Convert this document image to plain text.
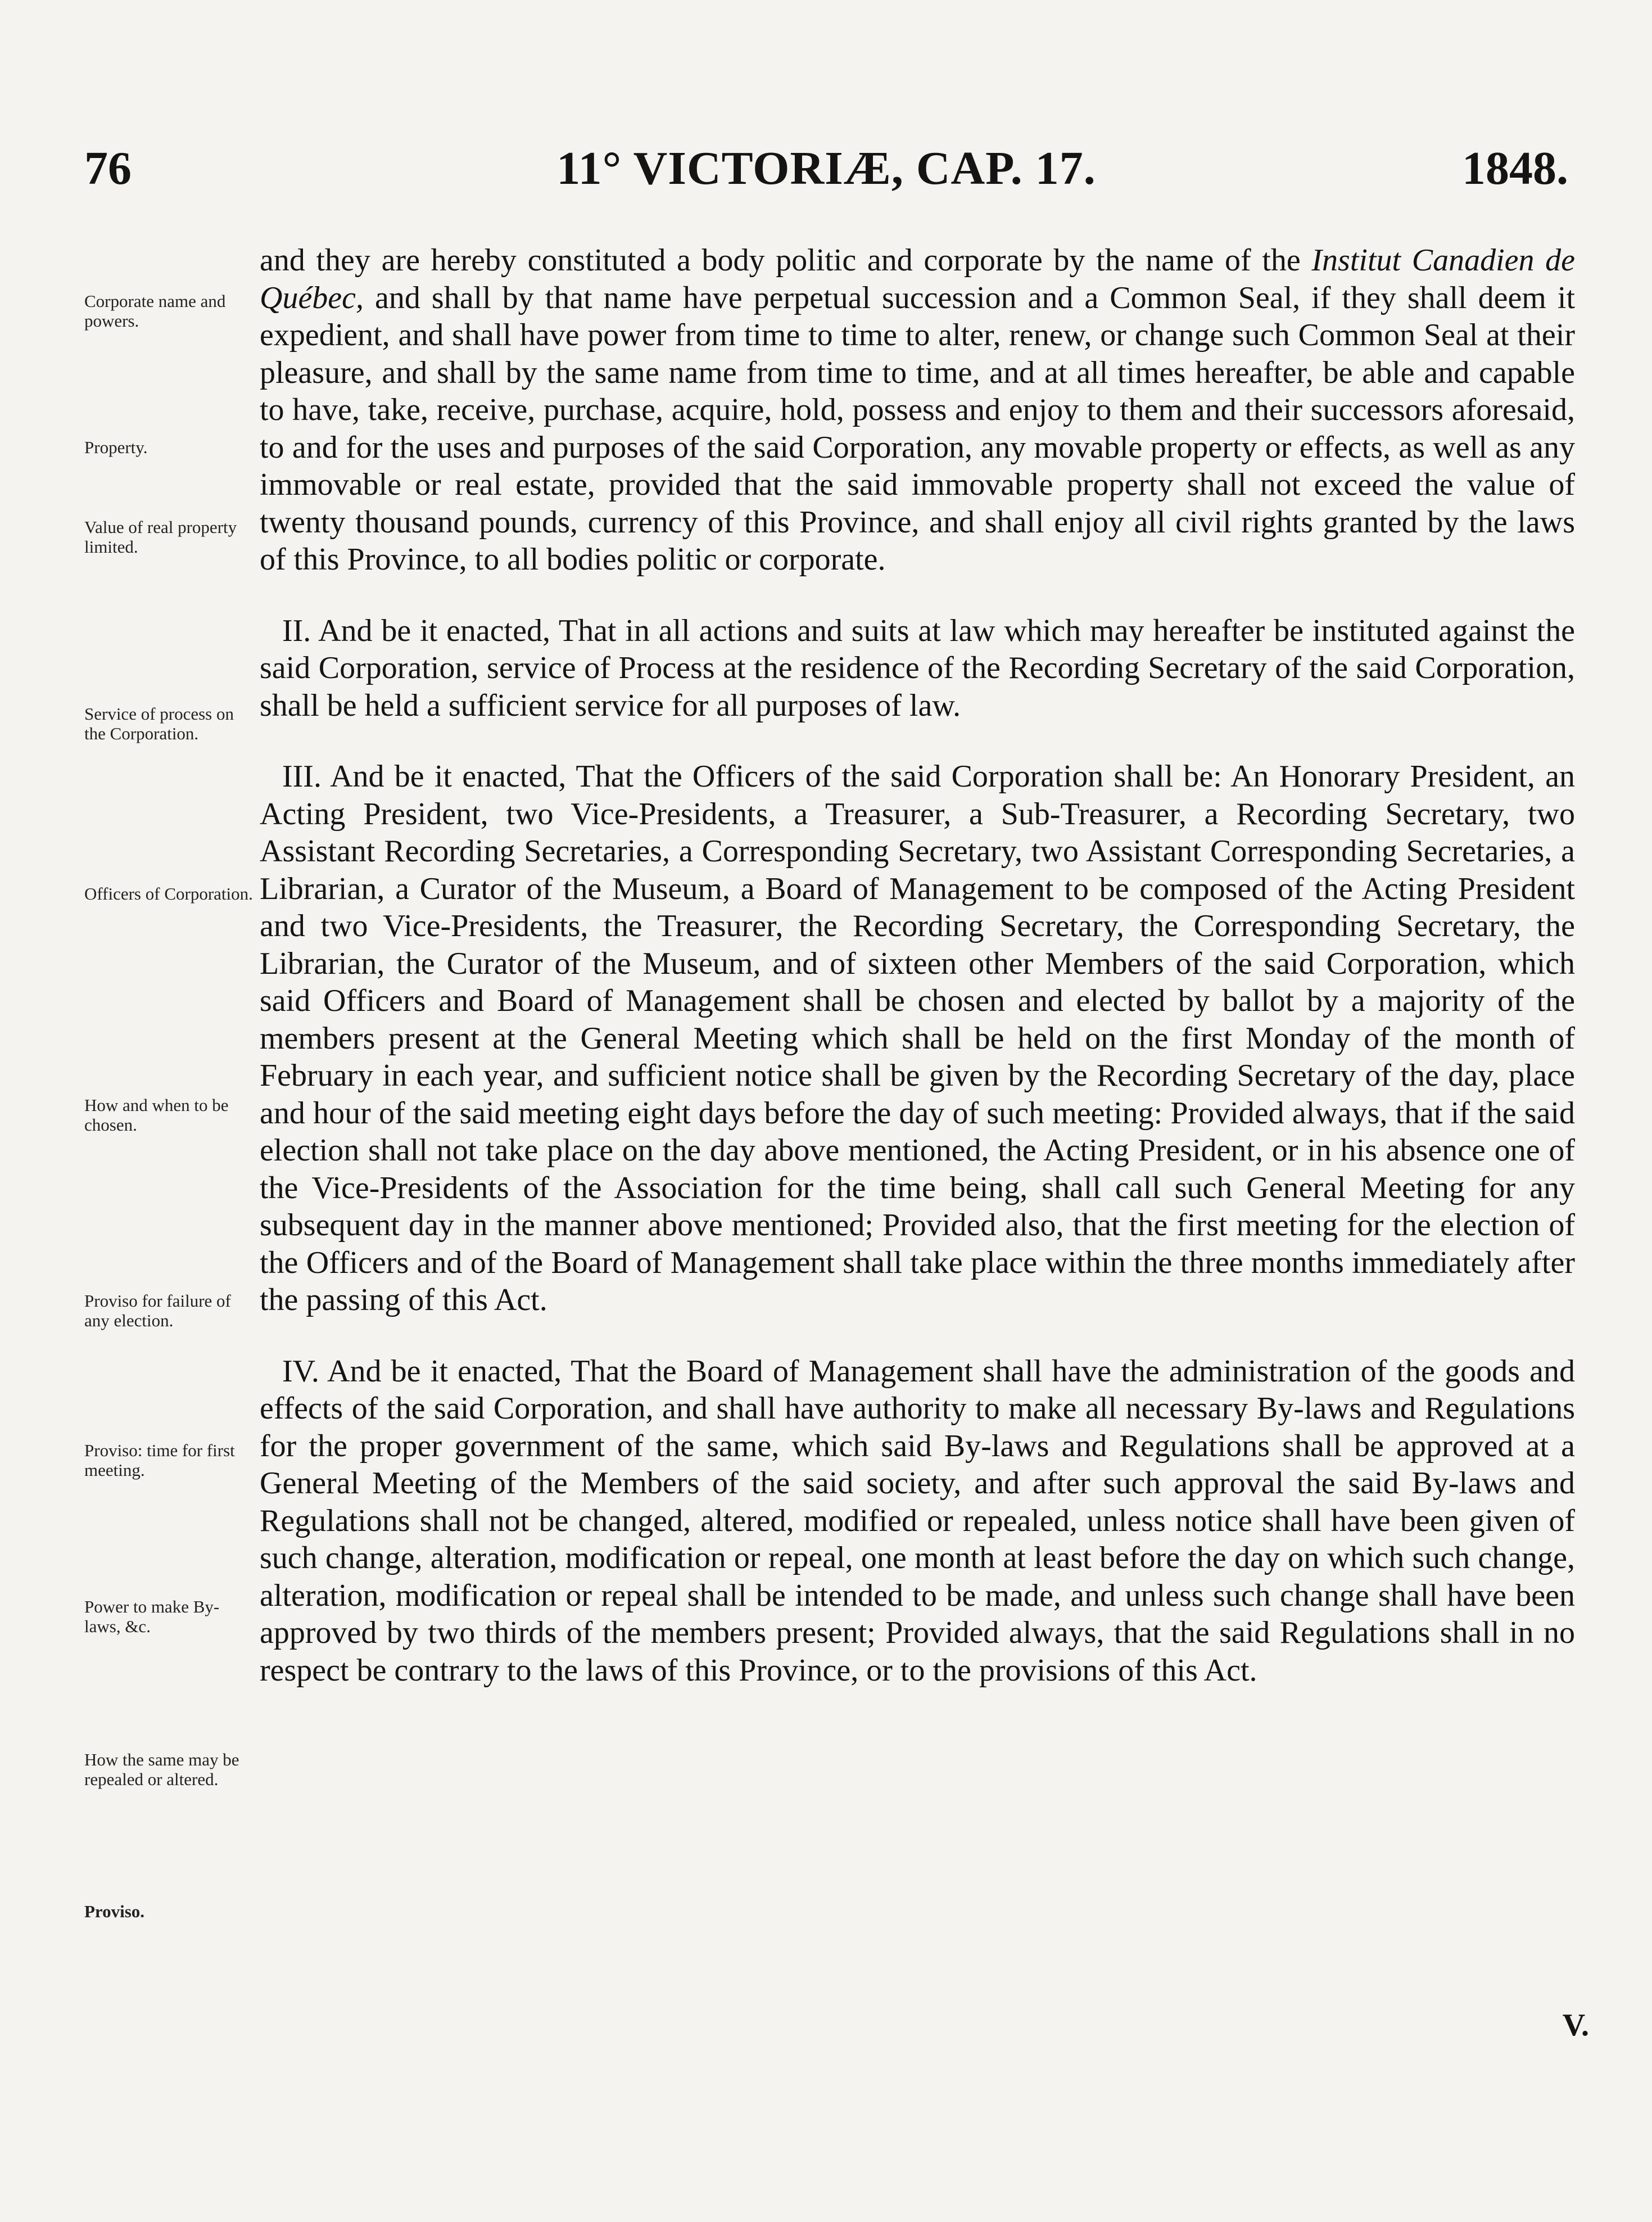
76	11° VICTORIÆ, CAP. 17.	1848.
Corporate name and powers.
Property.
Value of real property limited.
Service of process on the Corporation.
Officers of Corporation.
How and when to be chosen.
Proviso for failure of any election.
Proviso: time for first meeting.
Power to make By-laws, &c.
How the same may be repealed or altered.
Proviso.

and they are hereby constituted a body politic and corporate by the name of the Institut Canadien de Québec, and shall by that name have perpetual succession and a Common Seal, if they shall deem it expedient, and shall have power from time to time to alter, renew, or change such Common Seal at their pleasure, and shall by the same name from time to time, and at all times hereafter, be able and capable to have, take, receive, purchase, acquire, hold, possess and enjoy to them and their successors aforesaid, to and for the uses and purposes of the said Corporation, any movable property or effects, as well as any immovable or real estate, provided that the said immovable property shall not exceed the value of twenty thousand pounds, currency of this Province, and shall enjoy all civil rights granted by the laws of this Province, to all bodies politic or corporate.

II. And be it enacted, That in all actions and suits at law which may hereafter be instituted against the said Corporation, service of Process at the residence of the Recording Secretary of the said Corporation, shall be held a sufficient service for all purposes of law.

III. And be it enacted, That the Officers of the said Corporation shall be: An Honorary President, an Acting President, two Vice-Presidents, a Treasurer, a Sub-Treasurer, a Recording Secretary, two Assistant Recording Secretaries, a Corresponding Secretary, two Assistant Corresponding Secretaries, a Librarian, a Curator of the Museum, a Board of Management to be composed of the Acting President and two Vice-Presidents, the Treasurer, the Recording Secretary, the Corresponding Secretary, the Librarian, the Curator of the Museum, and of sixteen other Members of the said Corporation, which said Officers and Board of Management shall be chosen and elected by ballot by a majority of the members present at the General Meeting which shall be held on the first Monday of the month of February in each year, and sufficient notice shall be given by the Recording Secretary of the day, place and hour of the said meeting eight days before the day of such meeting: Provided always, that if the said election shall not take place on the day above mentioned, the Acting President, or in his absence one of the Vice-Presidents of the Association for the time being, shall call such General Meeting for any subsequent day in the manner above mentioned; Provided also, that the first meeting for the election of the Officers and of the Board of Management shall take place within the three months immediately after the passing of this Act.

IV. And be it enacted, That the Board of Management shall have the administration of the goods and effects of the said Corporation, and shall have authority to make all necessary By-laws and Regulations for the proper government of the same, which said By-laws and Regulations shall be approved at a General Meeting of the Members of the said society, and after such approval the said By-laws and Regulations shall not be changed, altered, modified or repealed, unless notice shall have been given of such change, alteration, modification or repeal, one month at least before the day on which such change, alteration, modification or repeal shall be intended to be made, and unless such change shall have been approved by two thirds of the members present; Provided always, that the said Regulations shall in no respect be contrary to the laws of this Province, or to the provisions of this Act.

V.
